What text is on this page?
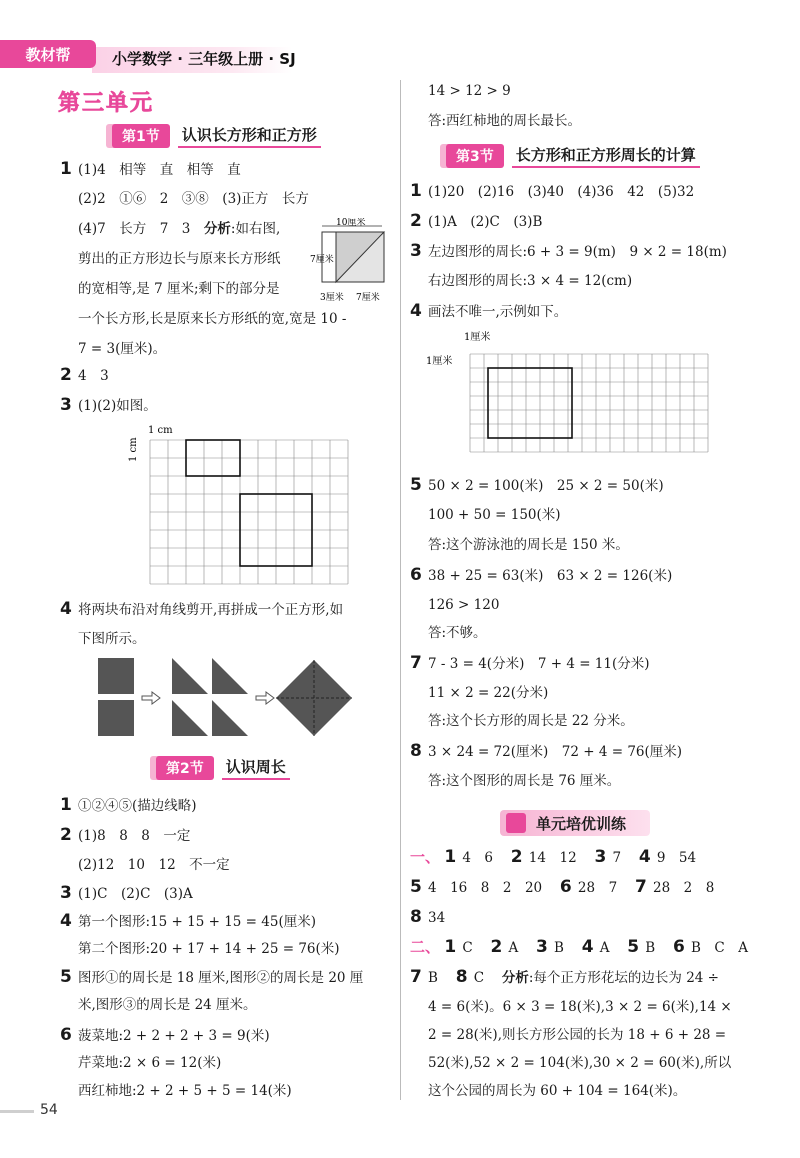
教材帮	小学数学 · 三年级上册 · SJ
第三单元
第1节	认识长方形和正方形
1 (1)4　相等　直　相等　直
(2)2　①⑥　2　③⑧　(3)正方　长方
(4)7　长方　7　3　分析:如右图,
剪出的正方形边长与原来长方形纸
的宽相等,是 7 厘米;剩下的部分是
一个长方形,长是原来长方形纸的宽,宽是 10 -
7 = 3(厘米)。
10厘米
7厘米
3厘米 7厘米
2 4　3
3 (1)(2)如图。
1 cm
1 cm
4 将两块布沿对角线剪开,再拼成一个正方形,如
下图所示。
第2节	认识周长
1 ①②④⑤(描边线略)
2 (1)8　8　8　一定
(2)12　10　12　不一定
3 (1)C　(2)C　(3)A
4 第一个图形:15 + 15 + 15 = 45(厘米)
第二个图形:20 + 17 + 14 + 25 = 76(米)
5 图形①的周长是 18 厘米,图形②的周长是 20 厘
米,图形③的周长是 24 厘米。
6 菠菜地:2 + 2 + 2 + 3 = 9(米)
芹菜地:2 × 6 = 12(米)
西红柿地:2 + 2 + 5 + 5 = 14(米)
14 > 12 > 9
答:西红柿地的周长最长。
第3节	长方形和正方形周长的计算
1 (1)20　(2)16　(3)40　(4)36　42　(5)32
2 (1)A　(2)C　(3)B
3 左边图形的周长:6 + 3 = 9(m)　9 × 2 = 18(m)
右边图形的周长:3 × 4 = 12(cm)
4 画法不唯一,示例如下。
1厘米
1厘米
5 50 × 2 = 100(米)　25 × 2 = 50(米)
100 + 50 = 150(米)
答:这个游泳池的周长是 150 米。
6 38 + 25 = 63(米)　63 × 2 = 126(米)
126 > 120
答:不够。
7 7 - 3 = 4(分米)　7 + 4 = 11(分米)
11 × 2 = 22(分米)
答:这个长方形的周长是 22 分米。
8 3 × 24 = 72(厘米)　72 + 4 = 76(厘米)
答:这个图形的周长是 76 厘米。
单元培优训练
一、 1 4　6　 2 14　12　 3 7　 4 9　54
5 4　16　8　2　20　 6 28　7　 7 28　2　8
8 34
二、 1 C　 2 A　 3 B　 4 A　 5 B　 6 B　C　A
7 B　 8 C　 分析:每个正方形花坛的边长为 24 ÷
4 = 6(米)。6 × 3 = 18(米),3 × 2 = 6(米),14 ×
2 = 28(米),则长方形公园的长为 18 + 6 + 28 =
52(米),52 × 2 = 104(米),30 × 2 = 60(米),所以
这个公园的周长为 60 + 104 = 164(米)。
54
